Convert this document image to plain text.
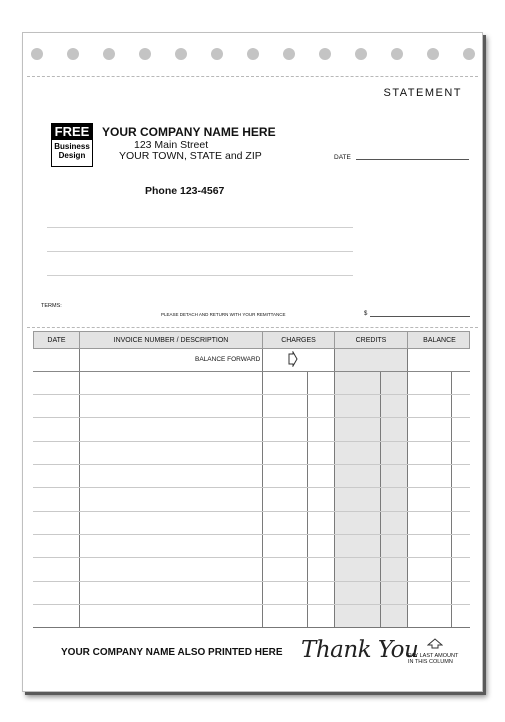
STATEMENT
FREE
Business
Design
YOUR COMPANY NAME HERE
123 Main Street
YOUR TOWN, STATE and ZIP
Phone 123-4567
DATE
TERMS:
PLEASE DETACH AND RETURN WITH YOUR REMITTANCE	$
DATE	INVOICE NUMBER / DESCRIPTION	CHARGES	CREDITS	BALANCE
BALANCE FORWARD
YOUR COMPANY NAME ALSO PRINTED HERE Thank You
PAY LAST AMOUNT
IN THIS COLUMN
